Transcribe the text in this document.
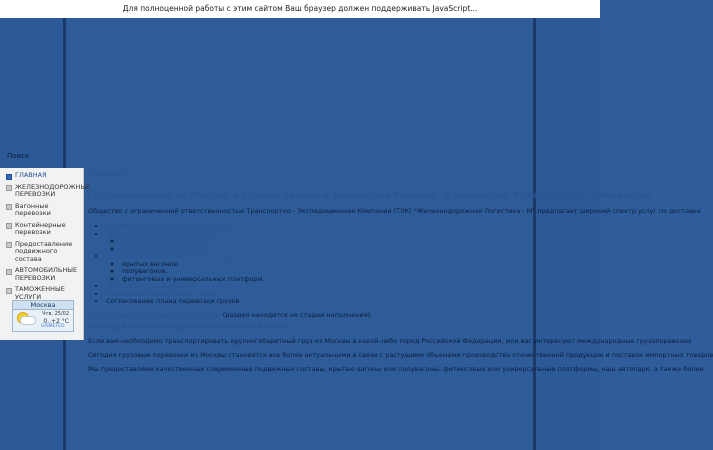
Для полноценной работы с этим сайтом Ваш браузер должен поддерживать JavaScript...
Поиск
ГЛАВНАЯ
ЖЕЛЕЗНОДОРОЖНЫЕ ПЕРЕВОЗКИ
Вагонные перевозки
Контейнерные перевозки
Предоставление подвижного состава
АВТОМОБИЛЬНЫЕ ПЕРЕВОЗКИ
ТАМОЖЕННЫЕ УСЛУГИ
Москва
Чтв, 25/02
0..+2 °C
GISMETEO
Главная
Грузоперевозки по России, в страны Балтии и Европы, на Украину, в Казахстан, Туркменистан, Узбекистан

Общество с ограниченной ответственностью Транспортно - Экспедиционная Компания (ТЭК) "Железнодорожная Логистика - М" предлагает широкий спектр услуг по доставке

• Железнодорожные перевозки грузов
• Перевозки грузов в контейнерах
◦ 20 футовые контейнеры
◦ 40 футовые контейнеры
• Предоставление подвижного состава
◦ крытых вагонов,
◦ полувагонов,
◦ фитинговых и универсальных платформ.
• Автомобильные перевозки
• Таможенное оформление грузов
• Согласование плана перевозки грузов.

Все вагоны, контейнеры и платформы (раздел находится не стадии наполнения).

Выбирайте наши надежные услуги по России

Если вам необходимо транспортировать крупногабаритный груз из Москвы в какой-либо город Российской Федерации, или вас интересуют международные грузоперевозки

Сегодня грузовые перевозки из Москвы становятся все более актуальными в связи с растущими объемами производства отечественной продукции и поставок импортных товаров

Мы предоставляем качественные современные подвижные составы, крытые вагоны или полувагоны, фитинговые или универсальные платформы, наш автопарк, а также более
